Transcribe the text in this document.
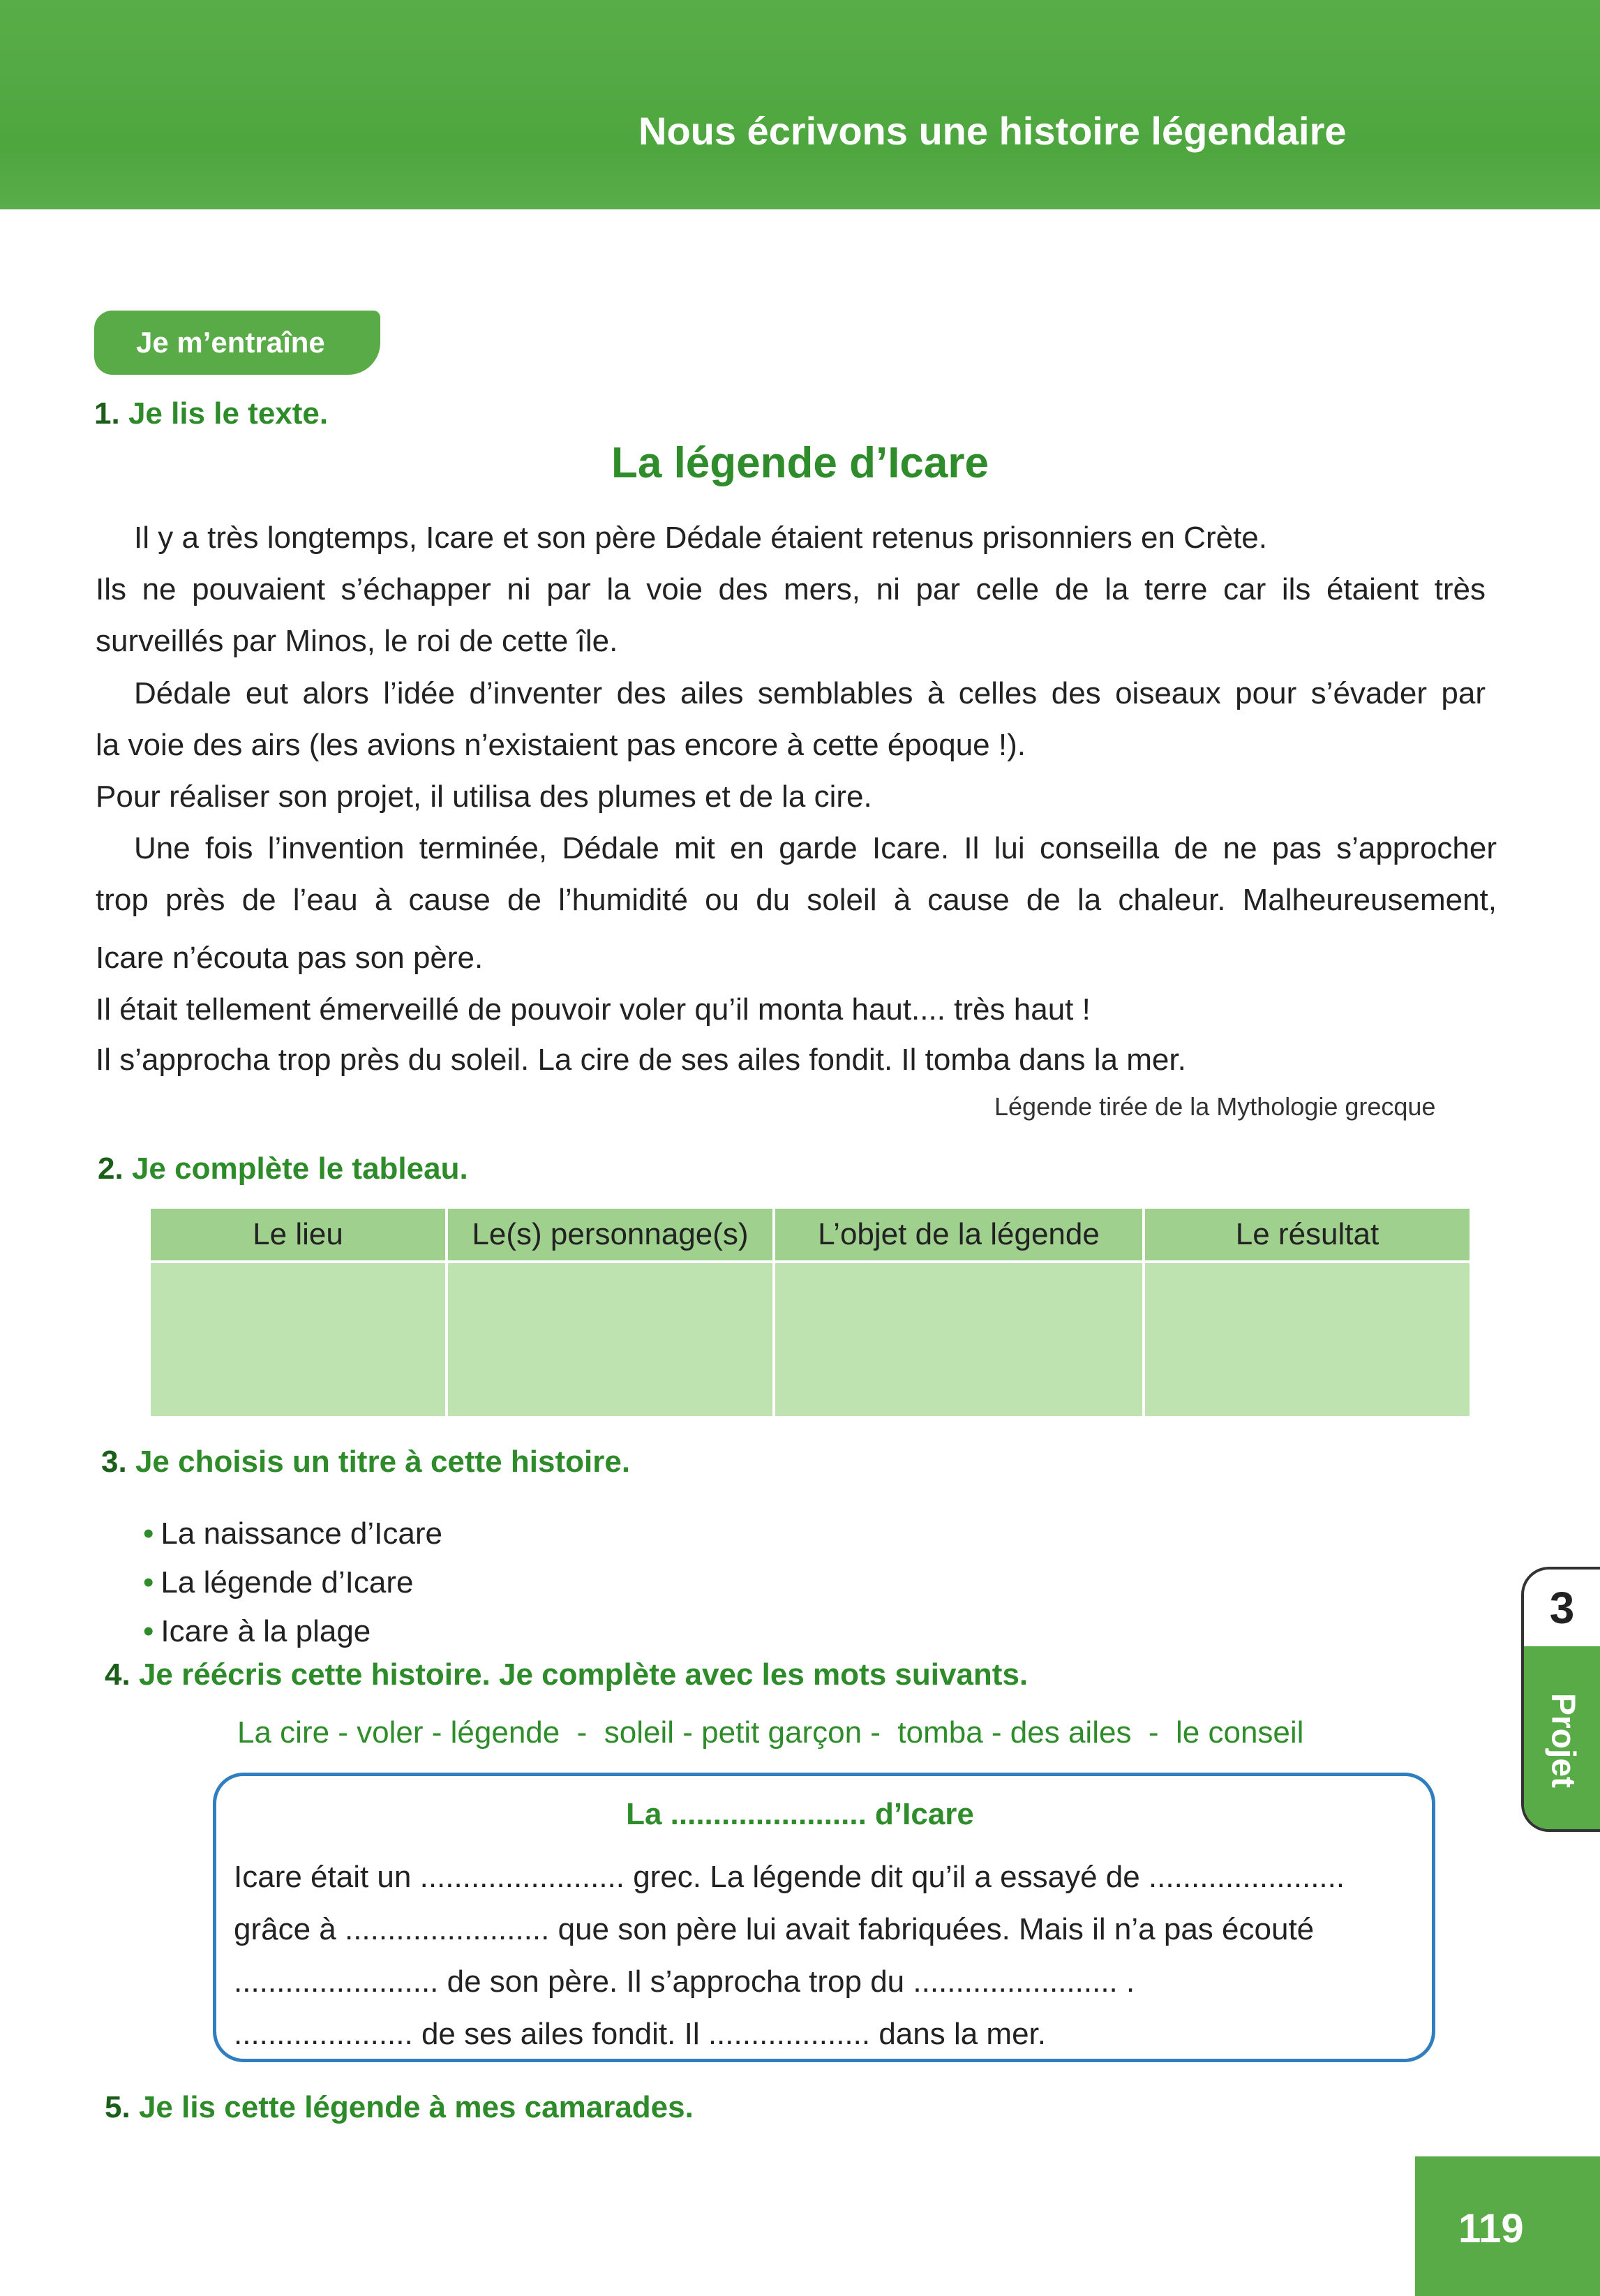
Nous écrivons une histoire légendaire
Je m’entraîne
1. Je lis le texte.
La légende d’Icare

Il y a très longtemps, Icare et son père Dédale étaient retenus prisonniers en Crète.

Ils ne pouvaient s’échapper ni par la voie des mers, ni par celle de la terre car ils étaient très

surveillés par Minos, le roi de cette île.

Dédale eut alors l’idée d’inventer des ailes semblables à celles des oiseaux pour s’évader par

la voie des airs (les avions n’existaient pas encore à cette époque !).

Pour réaliser son projet, il utilisa des plumes et de la cire.

Une fois l’invention terminée, Dédale mit en garde Icare. Il lui conseilla de ne pas s’approcher

trop près de l’eau à cause de l’humidité ou du soleil à cause de la chaleur. Malheureusement,

Icare n’écouta pas son père.

Il était tellement émerveillé de pouvoir voler qu’il monta haut.... très haut !

Il s’approcha trop près du soleil. La cire de ses ailes fondit. Il tomba dans la mer.

Légende tirée de la Mythologie grecque
2. Je complète le tableau.
Le lieu	Le(s) personnage(s)	L’objet de la légende	Le résultat

3. Je choisis un titre à cette histoire.
• La naissance d’Icare
• La légende d’Icare
• Icare à la plage
4. Je réécris cette histoire. Je complète avec les mots suivants.
La cire - voler - légende  -  soleil - petit garçon -  tomba - des ailes  -  le conseil
La ....................... d’Icare
Icare était un ........................ grec. La légende dit qu’il a essayé de .......................
grâce à ........................ que son père lui avait fabriquées. Mais il n’a pas écouté
........................ de son père. Il s’approcha trop du ........................ .
..................... de ses ailes fondit. Il ................... dans la mer.
5. Je lis cette légende à mes camarades.
3
Projet
119
